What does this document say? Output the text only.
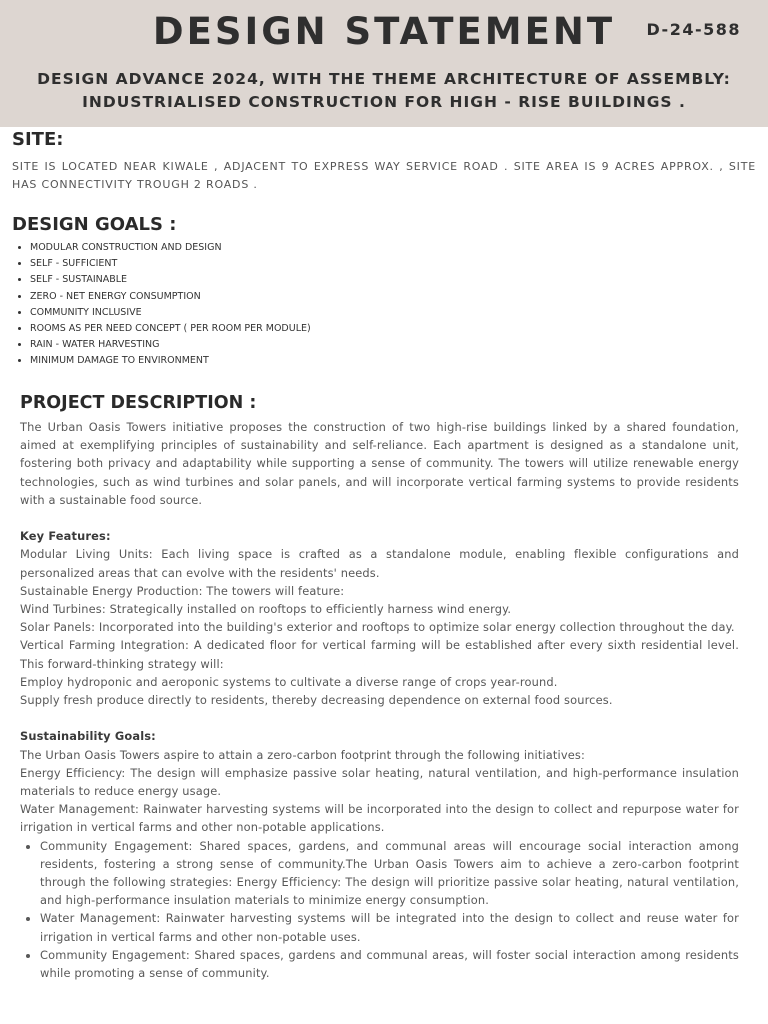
DESIGN STATEMENT	D-24-588
DESIGN ADVANCE 2024, WITH THE THEME ARCHITECTURE OF ASSEMBLY:
INDUSTRIALISED CONSTRUCTION FOR HIGH - RISE BUILDINGS .
SITE:

SITE IS LOCATED NEAR KIWALE , ADJACENT TO EXPRESS WAY SERVICE ROAD . SITE AREA IS 9 ACRES APPROX. , SITE HAS CONNECTIVITY TROUGH 2 ROADS .

DESIGN GOALS :
• MODULAR CONSTRUCTION AND DESIGN
• SELF - SUFFICIENT
• SELF - SUSTAINABLE
• ZERO - NET ENERGY CONSUMPTION
• COMMUNITY INCLUSIVE
• ROOMS AS PER NEED CONCEPT ( PER ROOM PER MODULE)
• RAIN - WATER HARVESTING
• MINIMUM DAMAGE TO ENVIRONMENT
PROJECT DESCRIPTION :

The Urban Oasis Towers initiative proposes the construction of two high-rise buildings linked by a shared foundation, aimed at exemplifying principles of sustainability and self-reliance. Each apartment is designed as a standalone unit, fostering both privacy and adaptability while supporting a sense of community. The towers will utilize renewable energy technologies, such as wind turbines and solar panels, and will incorporate vertical farming systems to provide residents with a sustainable food source.

Key Features:

Modular Living Units: Each living space is crafted as a standalone module, enabling flexible configurations and personalized areas that can evolve with the residents' needs.

Sustainable Energy Production: The towers will feature:

Wind Turbines: Strategically installed on rooftops to efficiently harness wind energy.

Solar Panels: Incorporated into the building's exterior and rooftops to optimize solar energy collection throughout the day.

Vertical Farming Integration: A dedicated floor for vertical farming will be established after every sixth residential level. This forward-thinking strategy will:

Employ hydroponic and aeroponic systems to cultivate a diverse range of crops year-round.

Supply fresh produce directly to residents, thereby decreasing dependence on external food sources.

Sustainability Goals:

The Urban Oasis Towers aspire to attain a zero-carbon footprint through the following initiatives:

Energy Efficiency: The design will emphasize passive solar heating, natural ventilation, and high-performance insulation materials to reduce energy usage.

Water Management: Rainwater harvesting systems will be incorporated into the design to collect and repurpose water for irrigation in vertical farms and other non-potable applications.

• Community Engagement: Shared spaces, gardens, and communal areas will encourage social interaction among residents, fostering a strong sense of community.The Urban Oasis Towers aim to achieve a zero-carbon footprint through the following strategies: Energy Efficiency: The design will prioritize passive solar heating, natural ventilation, and high-performance insulation materials to minimize energy consumption.
• Water Management: Rainwater harvesting systems will be integrated into the design to collect and reuse water for irrigation in vertical farms and other non-potable uses.
• Community Engagement: Shared spaces, gardens and communal areas, will foster social interaction among residents while promoting a sense of community.
